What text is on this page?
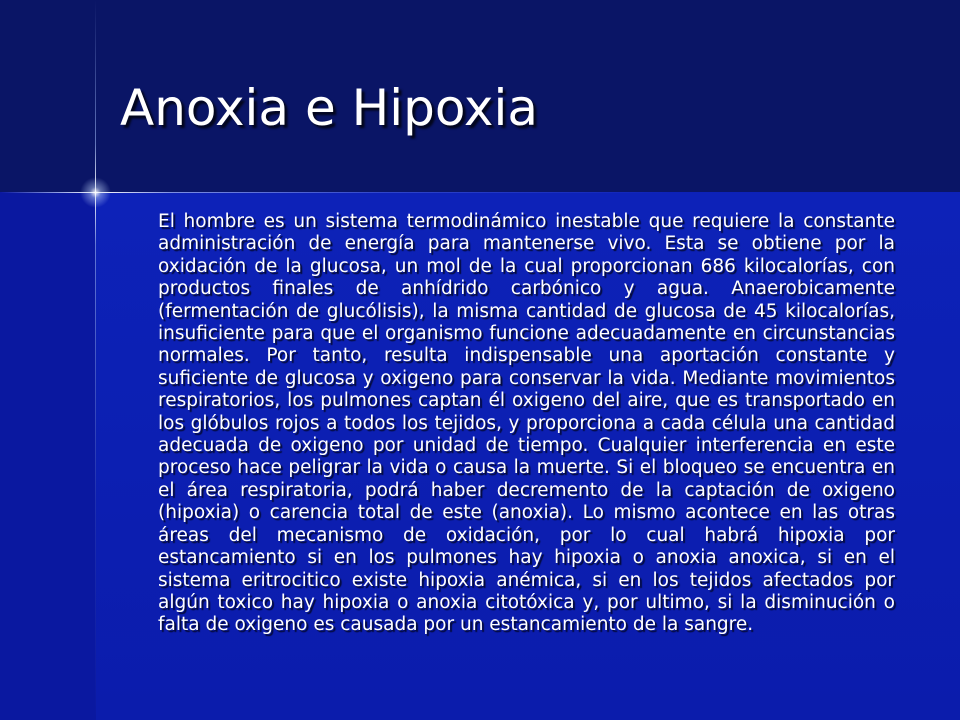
Anoxia e Hipoxia

El hombre es un sistema termodinámico inestable que requiere la constante administración de energía para mantenerse vivo. Esta se obtiene por la oxidación de la glucosa, un mol de la cual proporcionan 686 kilocalorías, con productos finales de anhídrido carbónico y agua. Anaerobicamente (fermentación de glucólisis), la misma cantidad de glucosa de 45 kilocalorías, insuficiente para que el organismo funcione adecuadamente en circunstancias normales. Por tanto, resulta indispensable una aportación constante y suficiente de glucosa y oxigeno para conservar la vida. Mediante movimientos respiratorios, los pulmones captan él oxigeno del aire, que es transportado en los glóbulos rojos a todos los tejidos, y proporciona a cada célula una cantidad adecuada de oxigeno por unidad de tiempo. Cualquier interferencia en este proceso hace peligrar la vida o causa la muerte. Si el bloqueo se encuentra en el área respiratoria, podrá haber decremento de la captación de oxigeno (hipoxia) o carencia total de este (anoxia). Lo mismo acontece en las otras áreas del mecanismo de oxidación, por lo cual habrá hipoxia por estancamiento si en los pulmones hay hipoxia o anoxia anoxica, si en el sistema eritrocitico existe hipoxia anémica, si en los tejidos afectados por algún toxico hay hipoxia o anoxia citotóxica y, por ultimo, si la disminución o falta de oxigeno es causada por un estancamiento de la sangre.
